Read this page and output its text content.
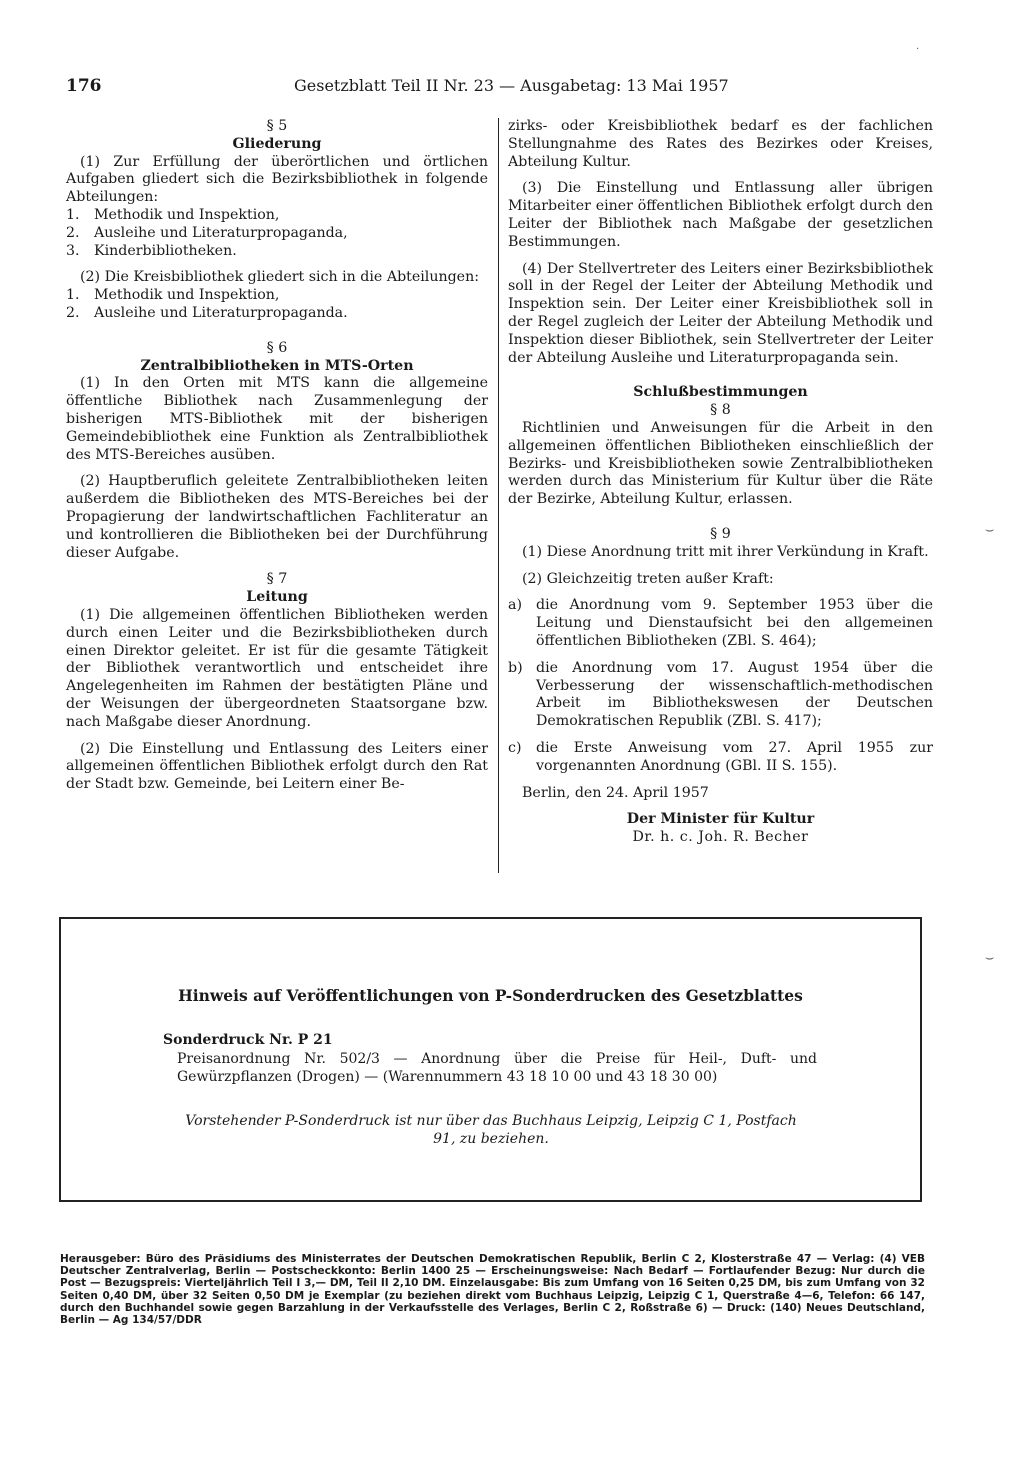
176	Gesetzblatt Teil II Nr. 23 — Ausgabetag: 13 Mai 1957

§ 5

Gliederung

(1) Zur Erfüllung der überörtlichen und örtlichen Aufgaben gliedert sich die Bezirksbibliothek in folgende Abteilungen:

1.	Methodik und Inspektion,
2.	Ausleihe und Literaturpropaganda,
3.	Kinderbibliotheken.

(2) Die Kreisbibliothek gliedert sich in die Abteilungen:

1.	Methodik und Inspektion,
2.	Ausleihe und Literaturpropaganda.

§ 6

Zentralbibliotheken in MTS-Orten

(1) In den Orten mit MTS kann die allgemeine öffentliche Bibliothek nach Zusammenlegung der bisherigen MTS-Bibliothek mit der bisherigen Gemeindebibliothek eine Funktion als Zentralbibliothek des MTS-Bereiches ausüben.

(2) Hauptberuflich geleitete Zentralbibliotheken leiten außerdem die Bibliotheken des MTS-Bereiches bei der Propagierung der landwirtschaftlichen Fachliteratur an und kontrollieren die Bibliotheken bei der Durchführung dieser Aufgabe.

§ 7

Leitung

(1) Die allgemeinen öffentlichen Bibliotheken werden durch einen Leiter und die Bezirksbibliotheken durch einen Direktor geleitet. Er ist für die gesamte Tätigkeit der Bibliothek verantwortlich und entscheidet ihre Angelegenheiten im Rahmen der bestätigten Pläne und der Weisungen der übergeordneten Staatsorgane bzw. nach Maßgabe dieser Anordnung.

(2) Die Einstellung und Entlassung des Leiters einer allgemeinen öffentlichen Bibliothek erfolgt durch den Rat der Stadt bzw. Gemeinde, bei Leitern einer Be-

zirks- oder Kreisbibliothek bedarf es der fachlichen Stellungnahme des Rates des Bezirkes oder Kreises, Abteilung Kultur.

(3) Die Einstellung und Entlassung aller übrigen Mitarbeiter einer öffentlichen Bibliothek erfolgt durch den Leiter der Bibliothek nach Maßgabe der gesetzlichen Bestimmungen.

(4) Der Stellvertreter des Leiters einer Bezirksbibliothek soll in der Regel der Leiter der Abteilung Methodik und Inspektion sein. Der Leiter einer Kreisbibliothek soll in der Regel zugleich der Leiter der Abteilung Methodik und Inspektion dieser Bibliothek, sein Stellvertreter der Leiter der Abteilung Ausleihe und Literaturpropaganda sein.

Schlußbestimmungen

§ 8

Richtlinien und Anweisungen für die Arbeit in den allgemeinen öffentlichen Bibliotheken einschließlich der Bezirks- und Kreisbibliotheken sowie Zentralbibliotheken werden durch das Ministerium für Kultur über die Räte der Bezirke, Abteilung Kultur, erlassen.

§ 9

(1) Diese Anordnung tritt mit ihrer Verkündung in Kraft.

(2) Gleichzeitig treten außer Kraft:

a) die Anordnung vom 9. September 1953 über die Leitung und Dienstaufsicht bei den allgemeinen öffentlichen Bibliotheken (ZBl. S. 464);
b) die Anordnung vom 17. August 1954 über die Verbesserung der wissenschaftlich-methodischen Arbeit im Bibliothekswesen der Deutschen Demokratischen Republik (ZBl. S. 417);
c)	die Erste Anweisung vom 27. April 1955 zur vorgenannten Anordnung (GBl. II S. 155).

Berlin, den 24. April 1957

Der Minister für Kultur

Dr. h. c. Joh. R. Becher

Hinweis auf Veröffentlichungen von P-Sonderdrucken des Gesetzblattes
Sonderdruck Nr. P 21
Preisanordnung Nr. 502/3 — Anordnung über die Preise für Heil-, Duft- und Gewürzpflanzen (Drogen) — (Warennummern 43 18 10 00 und 43 18 30 00)
Vorstehender P-Sonderdruck ist nur über das Buchhaus Leipzig, Leipzig C 1, Postfach 91, zu beziehen.
Herausgeber: Büro des Präsidiums des Ministerrates der Deutschen Demokratischen Republik, Berlin C 2, Klosterstraße 47 — Verlag: (4) VEB Deutscher Zentralverlag, Berlin — Postscheckkonto: Berlin 1400 25 — Erscheinungsweise: Nach Bedarf — Fortlaufender Bezug: Nur durch die Post — Bezugspreis: Vierteljährlich Teil I 3,— DM, Teil II 2,10 DM. Einzelausgabe: Bis zum Umfang von 16 Seiten 0,25 DM, bis zum Umfang von 32 Seiten 0,40 DM, über 32 Seiten 0,50 DM je Exemplar (zu beziehen direkt vom Buchhaus Leipzig, Leipzig C 1, Querstraße 4—6, Telefon: 66 147, durch den Buchhandel sowie gegen Barzahlung in der Verkaufsstelle des Verlages, Berlin C 2, Roßstraße 6) — Druck: (140) Neues Deutschland, Berlin — Ag 134/57/DDR
·
⌣
⌣
